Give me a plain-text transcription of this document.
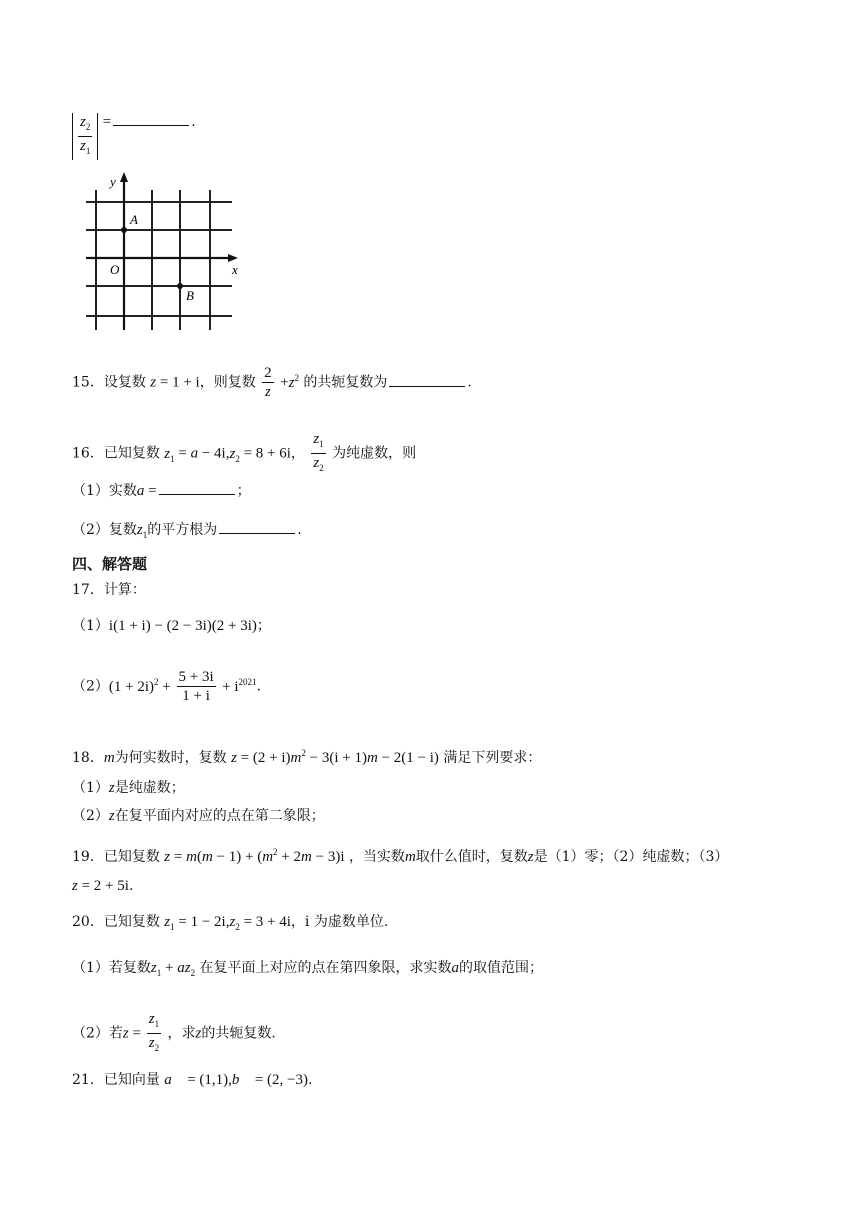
$\frac{z_2}{z_1}$ =	.
x
y
O
A
B
15．设复数 z = 1 + i，则复数 $\frac{2}{z} +z^2$ 的共轭复数为	.
16．已知复数 $z_1 = a - 4i,z_2 = 8 + 6i$， $\frac{z_1}{z_2}$ 为纯虚数，则
（1）实数a =	；
（2）复数$z_1$的平方根为	.
四、解答题
17．计算：
（1）i(1 + i) − (2 − 3i)(2 + 3i)；
$(2)(1 + 2i)^2 + \frac{5 + 3i}{1 + i} + i^{2021}$.
18．m为何实数时，复数 $z = (2 + i)m^2 - 3(i + 1)m - 2(1 - i)$ 满足下列要求：
（1）z是纯虚数；
（2）z在复平面内对应的点在第二象限；
19．已知复数 $z = m(m - 1) + (m^2 + 2m - 3)i$ ，当实数m取什么值时，复数z是（1）零；（2）纯虚数；（3）
z = 2 + 5i.
20．已知复数 $z_1 = 1 - 2i,z_2 = 3 + 4i$，i 为虚数单位.
（1）若复数$z_1 + az_2$ 在复平面上对应的点在第四象限，求实数a的取值范围；
（2）若$z = \frac{z_1}{z_2}$ ，求z的共轭复数.
21．已知向量 a⃗ = (1,1),b⃗ = (2, −3).
